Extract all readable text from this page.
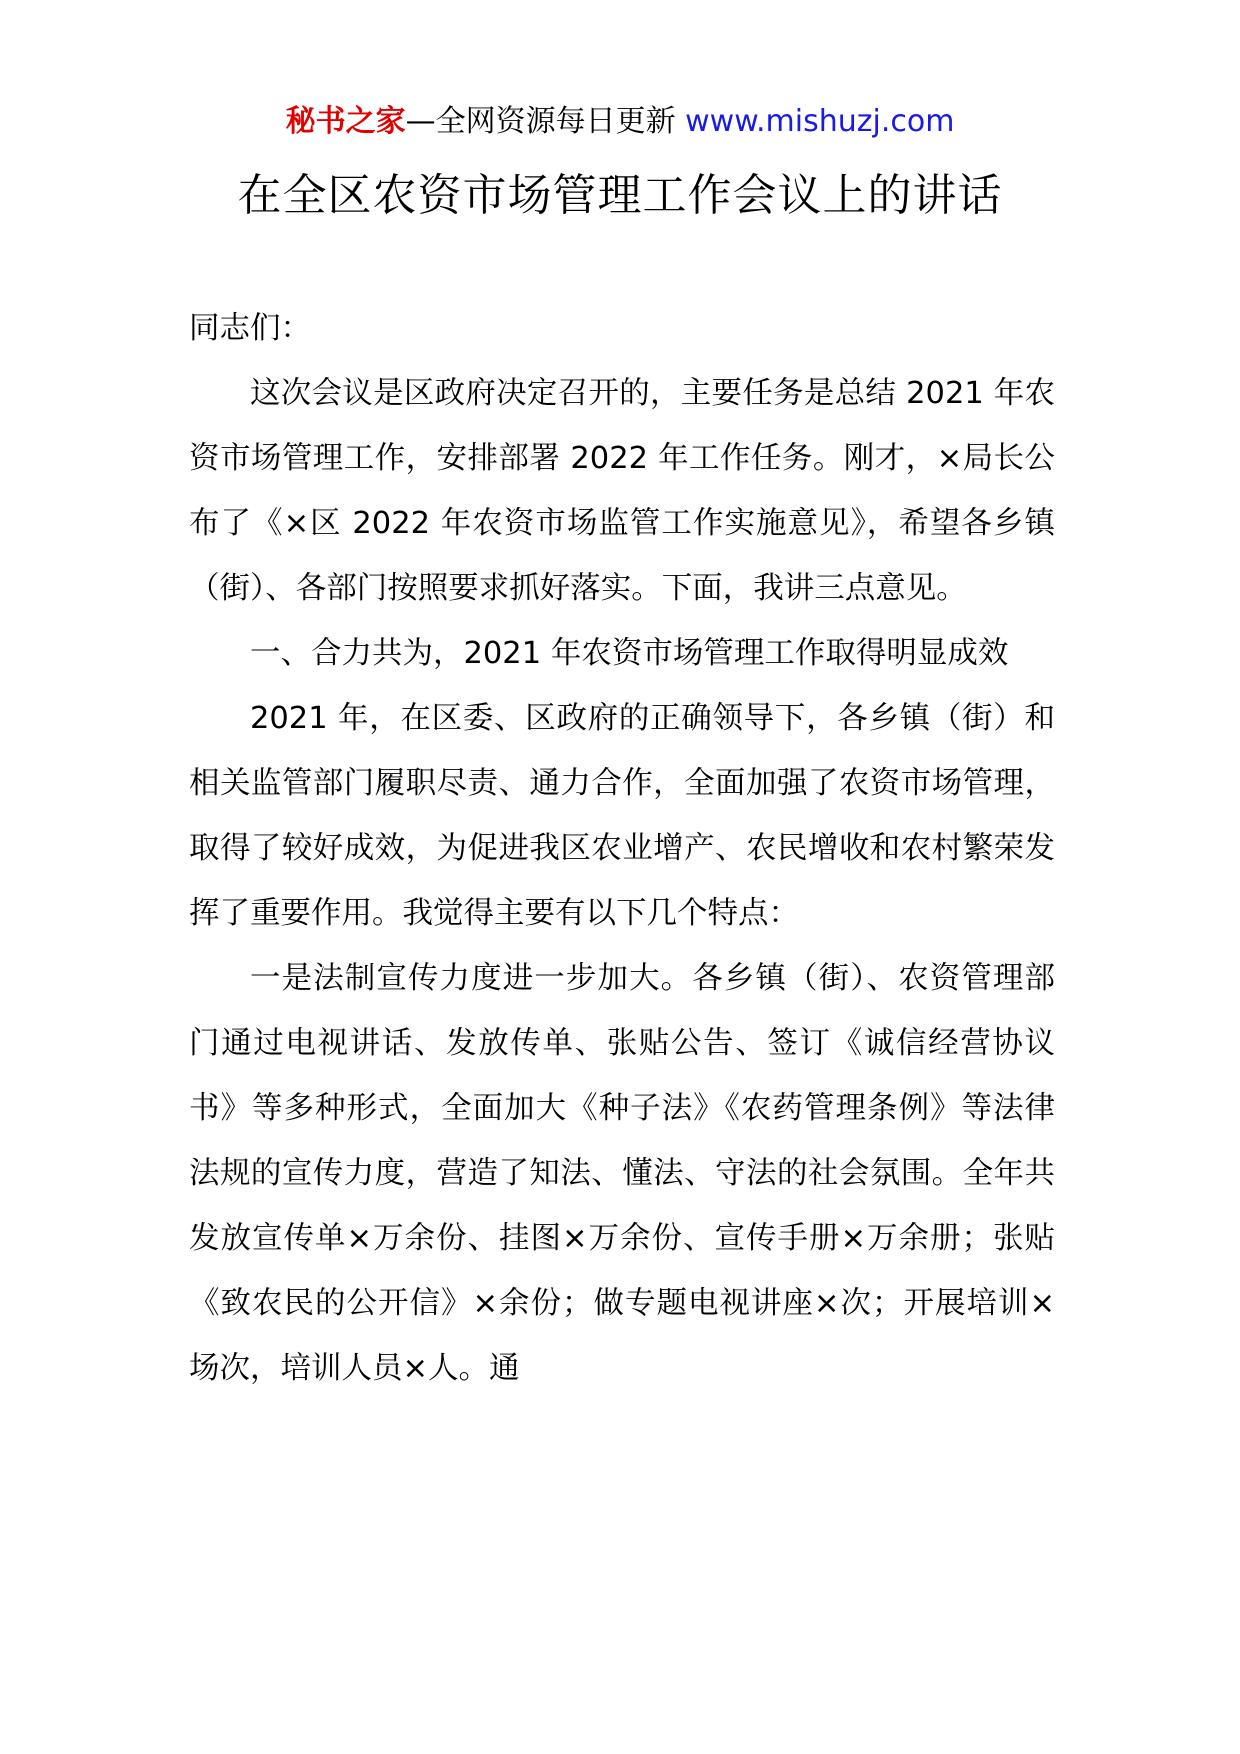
秘书之家—全网资源每日更新 www.mishuzj.com
在全区农资市场管理工作会议上的讲话

同志们：

这次会议是区政府决定召开的，主要任务是总结 2021 年农资市场管理工作，安排部署 2022 年工作任务。刚才，×局长公布了《×区 2022 年农资市场监管工作实施意见》，希望各乡镇（街）、各部门按照要求抓好落实。下面，我讲三点意见。

一、合力共为，2021 年农资市场管理工作取得明显成效

2021 年，在区委、区政府的正确领导下，各乡镇（街）和相关监管部门履职尽责、通力合作，全面加强了农资市场管理，取得了较好成效，为促进我区农业增产、农民增收和农村繁荣发挥了重要作用。我觉得主要有以下几个特点：

一是法制宣传力度进一步加大。各乡镇（街）、农资管理部门通过电视讲话、发放传单、张贴公告、签订《诚信经营协议书》等多种形式，全面加大《种子法》《农药管理条例》等法律法规的宣传力度，营造了知法、懂法、守法的社会氛围。全年共发放宣传单×万余份、挂图×万余份、宣传手册×万余册；张贴《致农民的公开信》×余份；做专题电视讲座×次；开展培训×场次，培训人员×人。通
